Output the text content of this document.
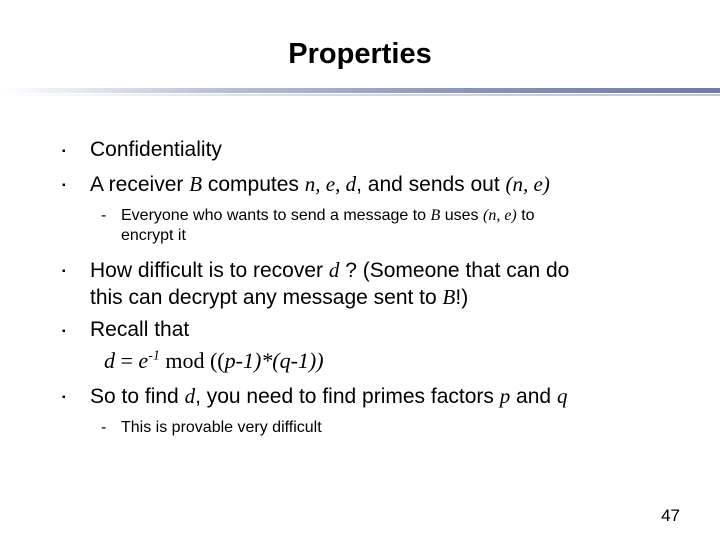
Properties
▪ Confidentiality
▪ A receiver B computes n, e, d, and sends out (n, e)
- Everyone who wants to send a message to B uses (n, e) to
encrypt it
▪ How difficult is to recover d ? (Someone that can do
this can decrypt any message sent to B!)
▪ Recall that
$d = e^{-1}$ mod ((p-1)*(q-1))
▪ So to find d, you need to find primes factors p and q
- This is provable very difficult
47
